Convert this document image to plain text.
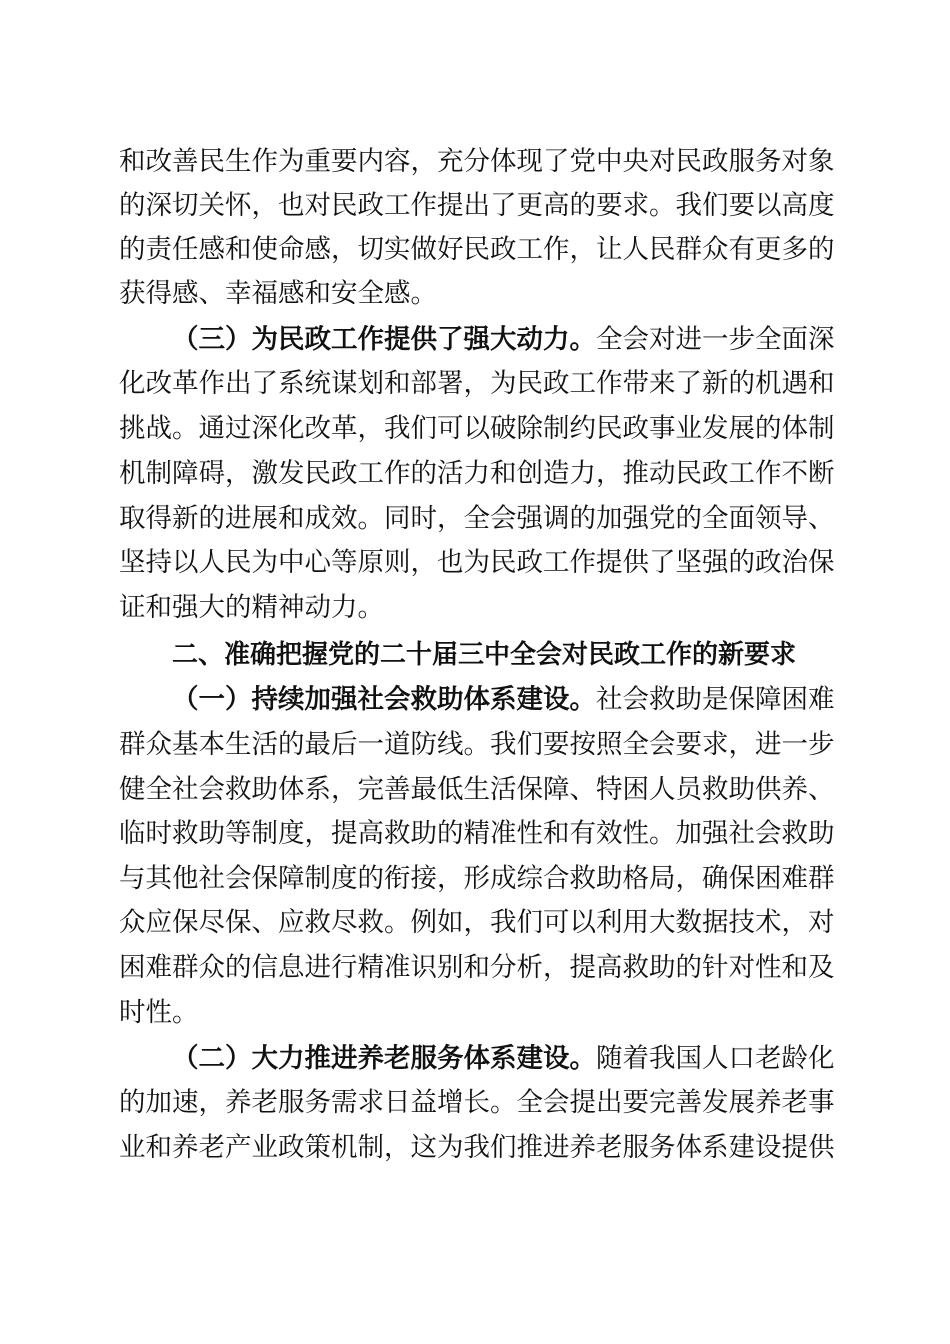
和改善民生作为重要内容，充分体现了党中央对民政服务对象
的深切关怀，也对民政工作提出了更高的要求。我们要以高度
的责任感和使命感，切实做好民政工作，让人民群众有更多的
获得感、幸福感和安全感。
（三）为民政工作提供了强大动力。全会对进一步全面深
化改革作出了系统谋划和部署，为民政工作带来了新的机遇和
挑战。通过深化改革，我们可以破除制约民政事业发展的体制
机制障碍，激发民政工作的活力和创造力，推动民政工作不断
取得新的进展和成效。同时，全会强调的加强党的全面领导、
坚持以人民为中心等原则，也为民政工作提供了坚强的政治保
证和强大的精神动力。
二、准确把握党的二十届三中全会对民政工作的新要求
（一）持续加强社会救助体系建设。社会救助是保障困难
群众基本生活的最后一道防线。我们要按照全会要求，进一步
健全社会救助体系，完善最低生活保障、特困人员救助供养、
临时救助等制度，提高救助的精准性和有效性。加强社会救助
与其他社会保障制度的衔接，形成综合救助格局，确保困难群
众应保尽保、应救尽救。例如，我们可以利用大数据技术，对
困难群众的信息进行精准识别和分析，提高救助的针对性和及
时性。
（二）大力推进养老服务体系建设。随着我国人口老龄化
的加速，养老服务需求日益增长。全会提出要完善发展养老事
业和养老产业政策机制，这为我们推进养老服务体系建设提供
